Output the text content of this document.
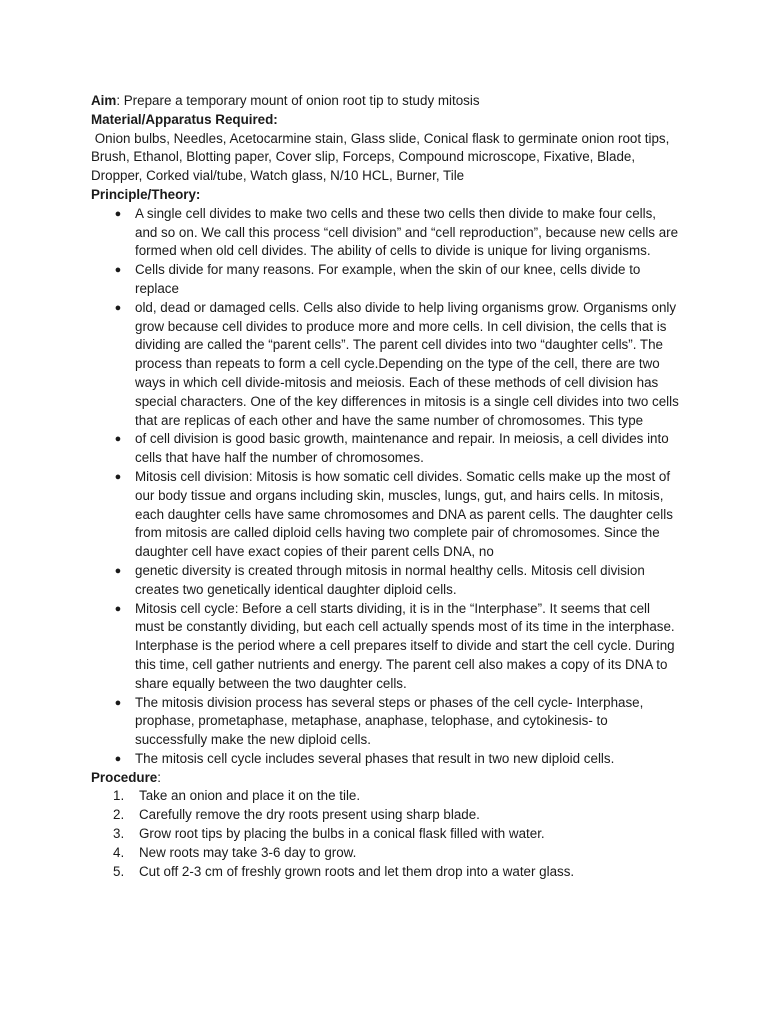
Aim: Prepare a temporary mount of onion root tip to study mitosis

Material/Apparatus Required:

Onion bulbs, Needles, Acetocarmine stain, Glass slide, Conical flask to germinate onion root tips, Brush, Ethanol, Blotting paper, Cover slip, Forceps, Compound microscope, Fixative, Blade, Dropper, Corked vial/tube, Watch glass, N/10 HCL, Burner, Tile

Principle/Theory:

● A single cell divides to make two cells and these two cells then divide to make four cells, and so on. We call this process “cell division” and “cell reproduction”, because new cells are formed when old cell divides. The ability of cells to divide is unique for living organisms.
● Cells divide for many reasons. For example, when the skin of our knee, cells divide to replace
● old, dead or damaged cells. Cells also divide to help living organisms grow. Organisms only grow because cell divides to produce more and more cells. In cell division, the cells that is dividing are called the “parent cells”. The parent cell divides into two “daughter cells”. The process than repeats to form a cell cycle.Depending on the type of the cell, there are two ways in which cell divide-mitosis and meiosis. Each of these methods of cell division has special characters. One of the key differences in mitosis is a single cell divides into two cells that are replicas of each other and have the same number of chromosomes. This type
● of cell division is good basic growth, maintenance and repair. In meiosis, a cell divides into cells that have half the number of chromosomes.
● Mitosis cell division: Mitosis is how somatic cell divides. Somatic cells make up the most of our body tissue and organs including skin, muscles, lungs, gut, and hairs cells. In mitosis, each daughter cells have same chromosomes and DNA as parent cells. The daughter cells from mitosis are called diploid cells having two complete pair of chromosomes. Since the daughter cell have exact copies of their parent cells DNA, no
● genetic diversity is created through mitosis in normal healthy cells. Mitosis cell division creates two genetically identical daughter diploid cells.
● Mitosis cell cycle: Before a cell starts dividing, it is in the “Interphase”. It seems that cell must be constantly dividing, but each cell actually spends most of its time in the interphase. Interphase is the period where a cell prepares itself to divide and start the cell cycle. During this time, cell gather nutrients and energy. The parent cell also makes a copy of its DNA to share equally between the two daughter cells.
● The mitosis division process has several steps or phases of the cell cycle- Interphase, prophase, prometaphase, metaphase, anaphase, telophase, and cytokinesis- to successfully make the new diploid cells.
● The mitosis cell cycle includes several phases that result in two new diploid cells.

Procedure:

1.	Take an onion and place it on the tile.
2.	Carefully remove the dry roots present using sharp blade.
3.	Grow root tips by placing the bulbs in a conical flask filled with water.
4.	New roots may take 3-6 day to grow.
5.	Cut off 2-3 cm of freshly grown roots and let them drop into a water glass.
